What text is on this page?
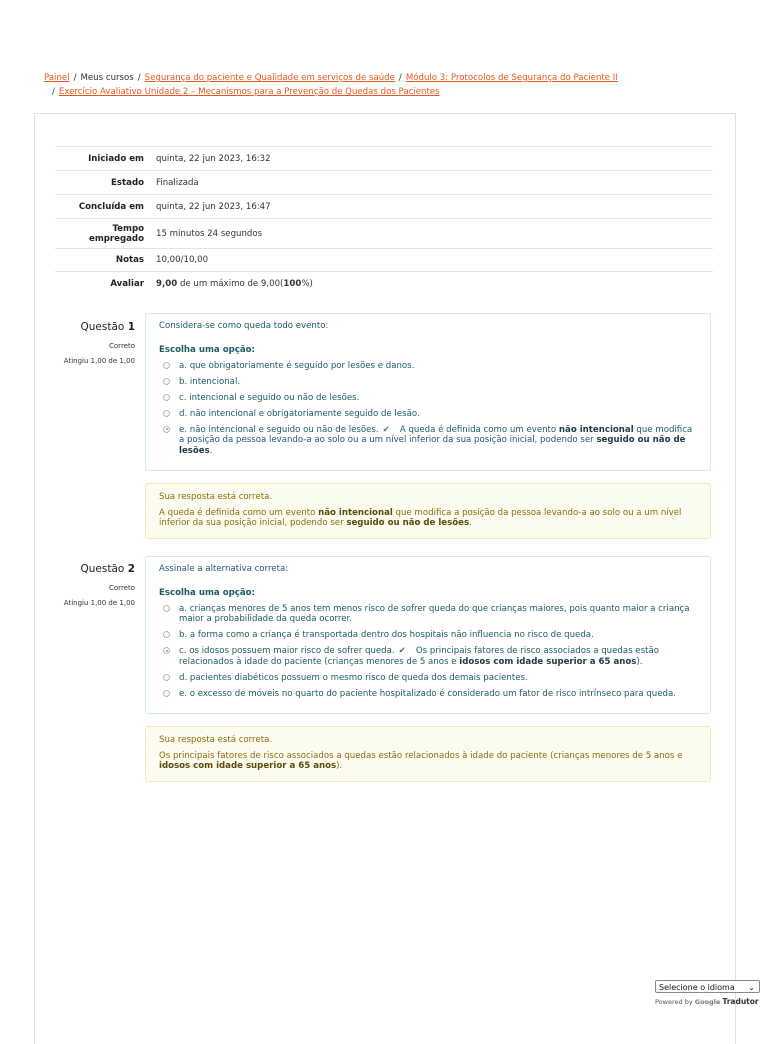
Painel / Meus cursos / Segurança do paciente e Qualidade em serviços de saúde / Módulo 3: Protocolos de Segurança do Paciente II
/ Exercício Avaliativo Unidade 2 – Mecanismos para a Prevenção de Quedas dos Pacientes
Iniciado em	quinta, 22 jun 2023, 16:32
Estado	Finalizada
Concluída em	quinta, 22 jun 2023, 16:47
Tempo empregado	15 minutos 24 segundos
Notas	10,00/10,00
Avaliar	9,00 de um máximo de 9,00(100%)
Questão 1
Correto
Atingiu 1,00 de 1,00
Considera-se como queda todo evento:
Escolha uma opção:
a. que obrigatoriamente é seguido por lesões e danos.
b. intencional.
c. intencional e seguido ou não de lesões.
d. não intencional e obrigatoriamente seguido de lesão.
e. não intencional e seguido ou não de lesões. ✔ A queda é definida como um evento não intencional que modifica a posição da pessoa levando-a ao solo ou a um nível inferior da sua posição inicial, podendo ser seguido ou não de lesões.
Sua resposta está correta.
A queda é definida como um evento não intencional que modifica a posição da pessoa levando-a ao solo ou a um nível inferior da sua posição inicial, podendo ser seguido ou não de lesões.
Questão 2
Correto
Atingiu 1,00 de 1,00
Assinale a alternativa correta:
Escolha uma opção:
a. crianças menores de 5 anos tem menos risco de sofrer queda do que crianças maiores, pois quanto maior a criança maior a probabilidade da queda ocorrer.
b. a forma como a criança é transportada dentro dos hospitais não influencia no risco de queda.
c. os idosos possuem maior risco de sofrer queda. ✔ Os principais fatores de risco associados a quedas estão relacionados à idade do paciente (crianças menores de 5 anos e idosos com idade superior a 65 anos).
d. pacientes diabéticos possuem o mesmo risco de queda dos demais pacientes.
e. o excesso de móveis no quarto do paciente hospitalizado é considerado um fator de risco intrínseco para queda.
Sua resposta está correta.
Os principais fatores de risco associados a quedas estão relacionados à idade do paciente (crianças menores de 5 anos e idosos com idade superior a 65 anos).
Selecione o idioma ⌄
Powered by Google Tradutor
